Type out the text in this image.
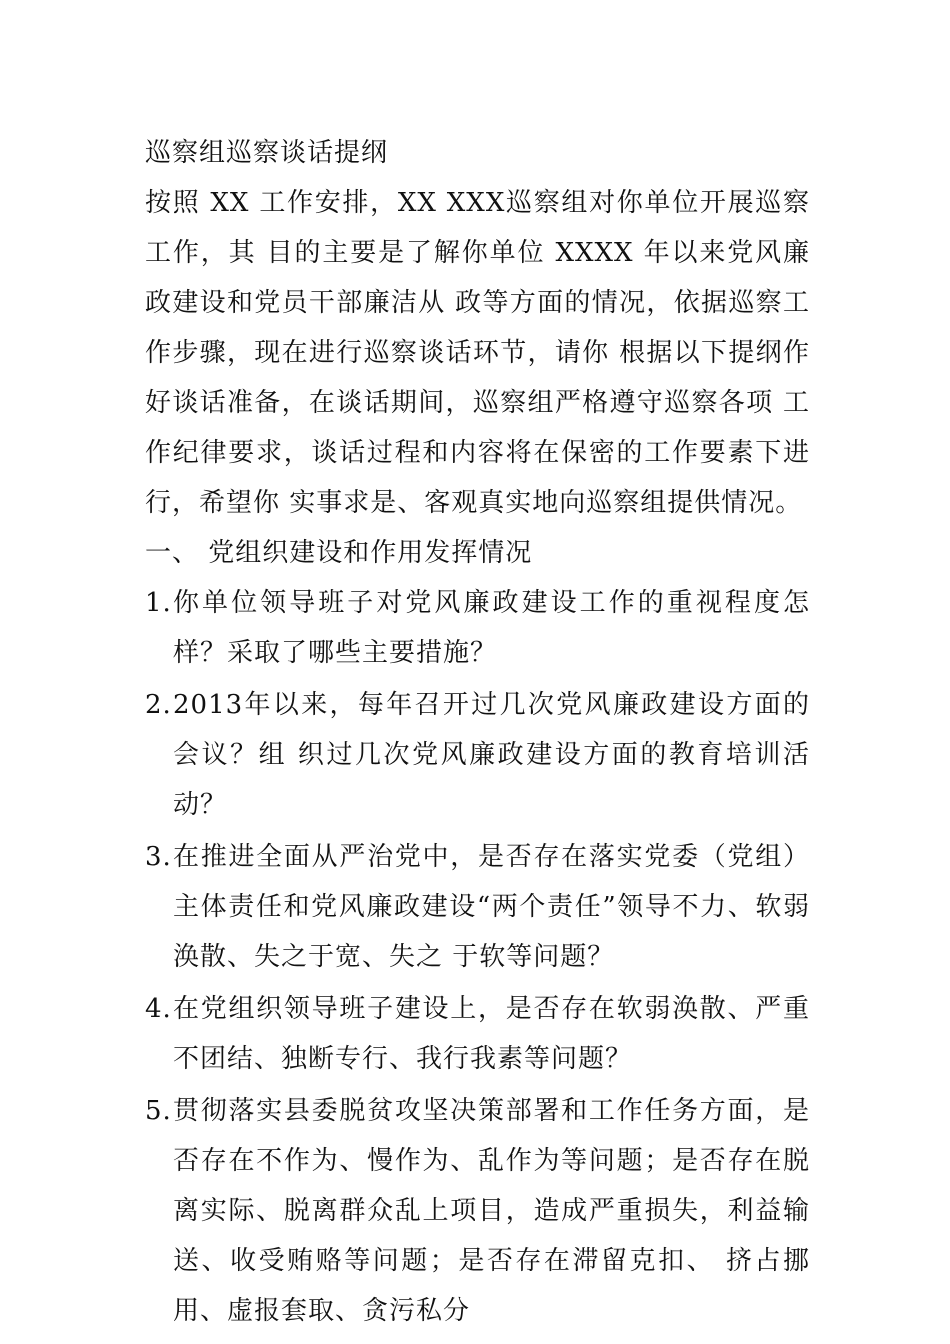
巡察组巡察谈话提纲

按照 XX 工作安排，XX XXX巡察组对你单位开展巡察工作，其 目的主要是了解你单位 XXXX 年以来党风廉政建设和党员干部廉洁从 政等方面的情况，依据巡察工作步骤，现在进行巡察谈话环节，请你 根据以下提纲作好谈话准备，在谈话期间，巡察组严格遵守巡察各项 工作纪律要求，谈话过程和内容将在保密的工作要素下进行，希望你 实事求是、客观真实地向巡察组提供情况。

一、 党组织建设和作用发挥情况
1. 你单位领导班子对党风廉政建设工作的重视程度怎样？采取了哪些主要措施？
2. 2013年以来，每年召开过几次党风廉政建设方面的会议？组 织过几次党风廉政建设方面的教育培训活动？
3. 在推进全面从严治党中，是否存在落实党委（党组）主体责任和党风廉政建设“两个责任”领导不力、软弱涣散、失之于宽、失之 于软等问题？
4. 在党组织领导班子建设上，是否存在软弱涣散、严重不团结、独断专行、我行我素等问题？
5. 贯彻落实县委脱贫攻坚决策部署和工作任务方面，是否存在不作为、慢作为、乱作为等问题；是否存在脱离实际、脱离群众乱上项目，造成严重损失，利益输送、收受贿赂等问题；是否存在滞留克扣、 挤占挪用、虚报套取、贪污私分
